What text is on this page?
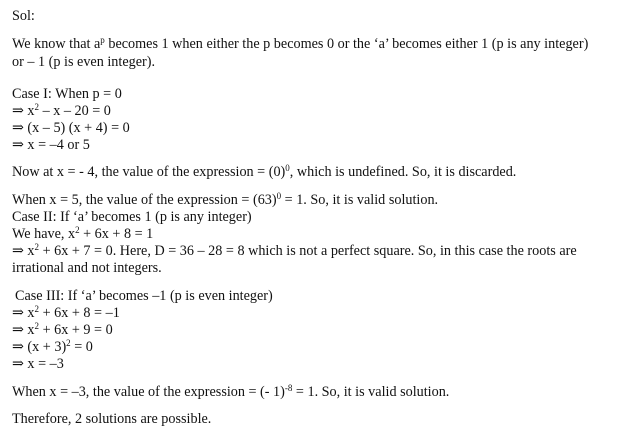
Sol:
We know that $a^p$ becomes 1 when either the p becomes 0 or the ‘a’ becomes either 1 (p is any integer)
or – 1 (p is even integer).
Case I: When p = 0
⇒ $x^2 - x - 20 = 0$
⇒ (x – 5) (x + 4) = 0
⇒ x = –4 or 5
Now at x = - 4, the value of the expression = $(0)^0$, which is undefined. So, it is discarded.
When x = 5, the value of the expression = $(63)^0 = 1$. So, it is valid solution.
Case II: If ‘a’ becomes 1 (p is any integer)
We have, $x^2 + 6x + 8 = 1$
⇒ $x^2 + 6x + 7 = 0$. Here, D = 36 – 28 = 8 which is not a perfect square. So, in this case the roots are
irrational and not integers.
Case III: If ‘a’ becomes –1 (p is even integer)
⇒ $x^2 + 6x + 8 = -1$
⇒ $x^2 + 6x + 9 = 0$
⇒ $(x + 3)^2 = 0$
⇒ x = –3
When x = –3, the value of the expression = (- 1)$^{-8}$ = 1. So, it is valid solution.
Therefore, 2 solutions are possible.
